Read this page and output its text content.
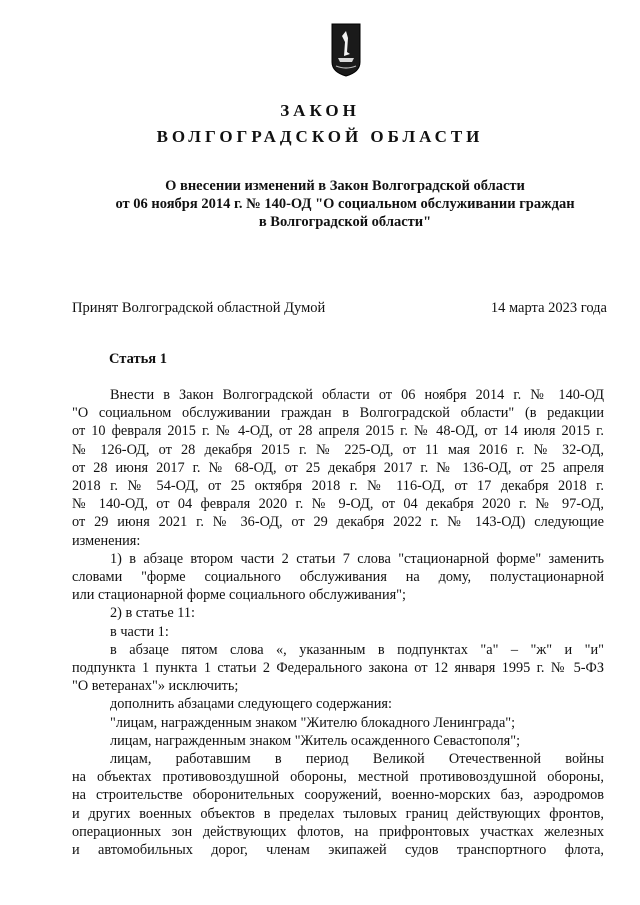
ЗАКОН
ВОЛГОГРАДСКОЙ ОБЛАСТИ
О внесении изменений в Закон Волгоградской области
от 06 ноября 2014 г. № 140-ОД "О социальном обслуживании граждан
в Волгоградской области"
Принят Волгоградской областной Думой	14 марта 2023 года
Статья 1

Внести в Закон Волгоградской области от 06 ноября 2014 г. № 140-ОД

"О социальном обслуживании граждан в Волгоградской области" (в редакции

от 10 февраля 2015 г. № 4-ОД, от 28 апреля 2015 г. № 48-ОД, от 14 июля 2015 г.

№ 126-ОД, от 28 декабря 2015 г. № 225-ОД, от 11 мая 2016 г. № 32-ОД,

от 28 июня 2017 г. № 68-ОД, от 25 декабря 2017 г. № 136-ОД, от 25 апреля

2018 г. № 54-ОД, от 25 октября 2018 г. № 116-ОД, от 17 декабря 2018 г.

№ 140-ОД, от 04 февраля 2020 г. № 9-ОД, от 04 декабря 2020 г. № 97-ОД,

от 29 июня 2021 г. № 36-ОД, от 29 декабря 2022 г. № 143-ОД) следующие

изменения:

1) в абзаце втором части 2 статьи 7 слова "стационарной форме" заменить

словами "форме социального обслуживания на дому, полустационарной

или стационарной форме социального обслуживания";

2) в статье 11:

в части 1:

в абзаце пятом слова «, указанным в подпунктах "а" – "ж" и "и"

подпункта 1 пункта 1 статьи 2 Федерального закона от 12 января 1995 г. № 5-ФЗ

"О ветеранах"» исключить;

дополнить абзацами следующего содержания:

"лицам, награжденным знаком "Жителю блокадного Ленинграда";

лицам, награжденным знаком "Житель осажденного Севастополя";

лицам, работавшим в период Великой Отечественной войны

на объектах противовоздушной обороны, местной противовоздушной обороны,

на строительстве оборонительных сооружений, военно-морских баз, аэродромов

и других военных объектов в пределах тыловых границ действующих фронтов,

операционных зон действующих флотов, на прифронтовых участках железных

и автомобильных дорог, членам экипажей судов транспортного флота,
